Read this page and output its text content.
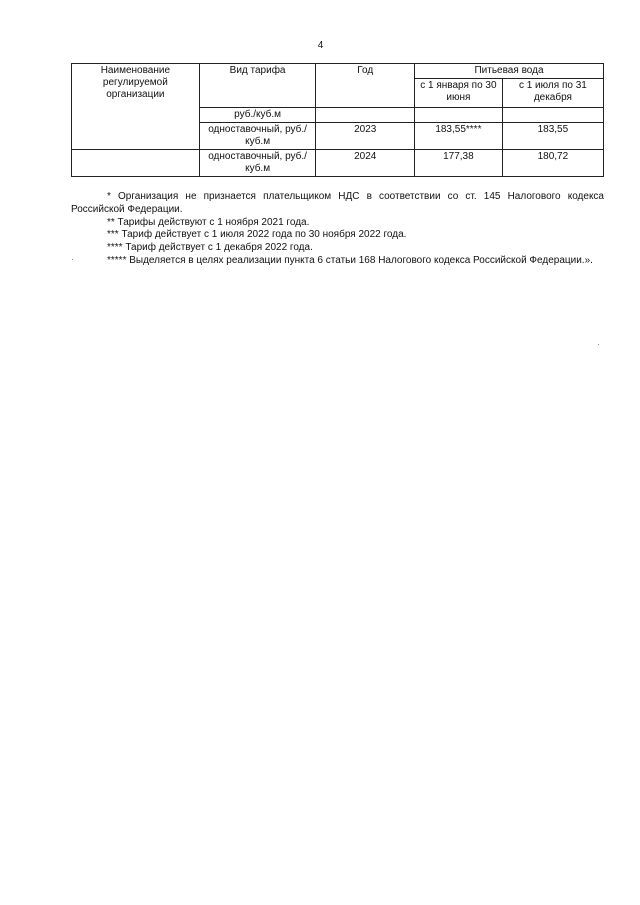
4
Наименование регулируемой организации	Вид тарифа	Год	Питьевая вода	
			с 1 января по 30 июня	с 1 июля по 31 декабря
	руб./куб.м			
	одноставочный, руб./куб.м	2023	183,55****	183,55
	одноставочный, руб./куб.м	2024	177,38	180,72

* Организация не признается плательщиком НДС в соответствии со ст. 145 Налогового кодекса Российской Федерации.

** Тарифы действуют с 1 ноября 2021 года.

*** Тариф действует с 1 июля 2022 года по 30 ноября 2022 года.

**** Тариф действует с 1 декабря 2022 года.

***** Выделяется в целях реализации пункта 6 статьи 168 Налогового кодекса Российской Федерации.».
